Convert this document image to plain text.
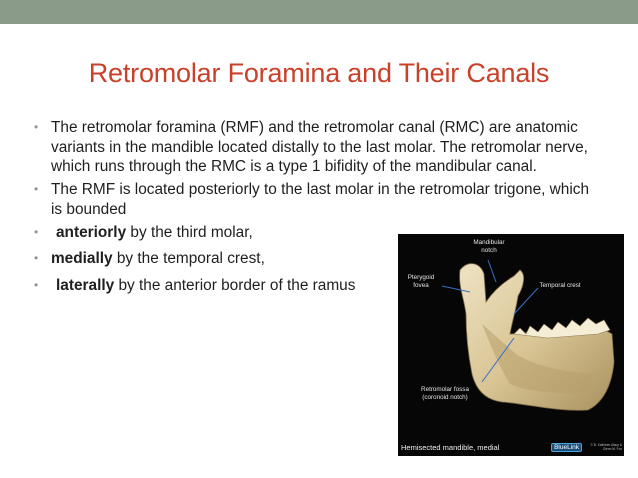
Retromolar Foramina and Their Canals
• The retromolar foramina (RMF) and the retromolar canal (RMC) are anatomic variants in the mandible located distally to the last molar. The retromolar nerve, which runs through the RMC is a type 1 bifidity of the mandibular canal.
• The RMF is located posteriorly to the last molar in the retromolar trigone, which is bounded
• anteriorly by the third molar,
• medially by the temporal crest,
• laterally by the anterior border of the ramus
Mandibular notch
Pterygoid fovea	Temporal crest
Retromolar fossa (coronoid notch)
Hemisected mandible, medial	BlueLink	© B. Kathleen Alsup & Glenn M. Fox
